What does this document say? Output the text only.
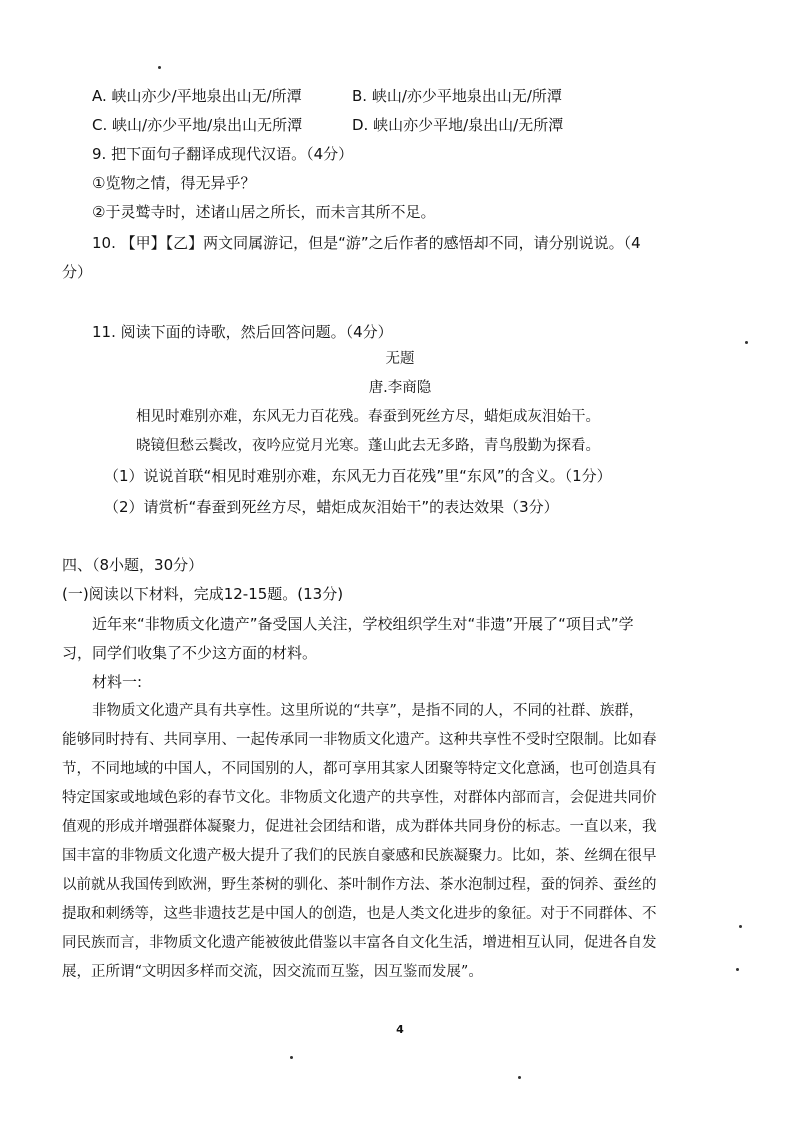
A. 峡山亦少/平地泉出山无/所潭	B. 峡山/亦少平地泉出山无/所潭
C. 峡山/亦少平地/泉出山无所潭	D. 峡山亦少平地/泉出山/无所潭
9. 把下面句子翻译成现代汉语。（4分）
①览物之情，得无异乎？
②于灵鹫寺时，述诸山居之所长，而未言其所不足。
10. 【甲】【乙】两文同属游记，但是“游”之后作者的感悟却不同，请分别说说。（4
分）
11. 阅读下面的诗歌，然后回答问题。（4分）
无题
唐.李商隐
相见时难别亦难，东风无力百花残。春蚕到死丝方尽，蜡炬成灰泪始干。
晓镜但愁云鬓改，夜吟应觉月光寒。蓬山此去无多路，青鸟殷勤为探看。
（1）说说首联“相见时难别亦难，东风无力百花残”里“东风”的含义。（1分）
（2）请赏析“春蚕到死丝方尽，蜡炬成灰泪始干”的表达效果（3分）
四、（8小题，30分）
(一)阅读以下材料，完成12-15题。(13分)
近年来“非物质文化遗产”备受国人关注，学校组织学生对“非遗”开展了“项目式”学
习，同学们收集了不少这方面的材料。
材料一:
非物质文化遗产具有共享性。这里所说的“共享”，是指不同的人，不同的社群、族群，
能够同时持有、共同享用、一起传承同一非物质文化遗产。这种共享性不受时空限制。比如春
节，不同地域的中国人，不同国别的人，都可享用其家人团聚等特定文化意涵，也可创造具有
特定国家或地域色彩的春节文化。非物质文化遗产的共享性，对群体内部而言，会促进共同价
值观的形成并增强群体凝聚力，促进社会团结和谐，成为群体共同身份的标志。一直以来，我
国丰富的非物质文化遗产极大提升了我们的民族自豪感和民族凝聚力。比如，茶、丝绸在很早
以前就从我国传到欧洲，野生茶树的驯化、茶叶制作方法、茶水泡制过程，蚕的饲养、蚕丝的
提取和刺绣等，这些非遗技艺是中国人的创造，也是人类文化进步的象征。对于不同群体、不
同民族而言，非物质文化遗产能被彼此借鉴以丰富各自文化生活，增进相互认同，促进各自发
展，正所谓“文明因多样而交流，因交流而互鉴，因互鉴而发展”。
4
